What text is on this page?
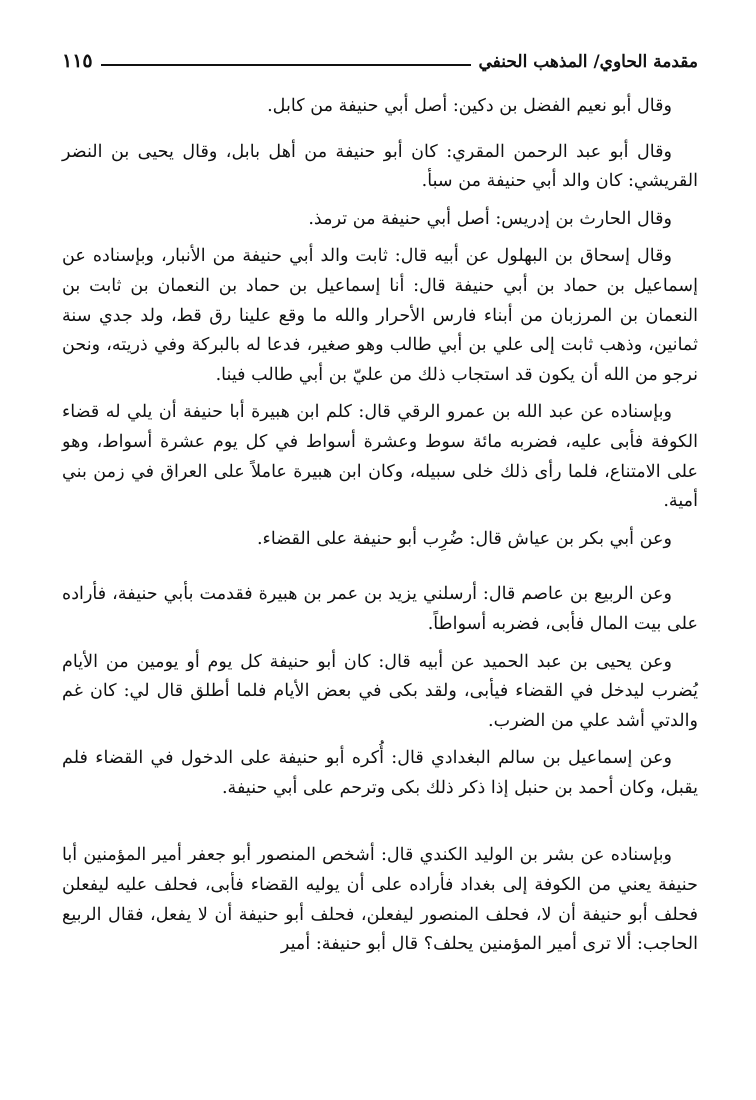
مقدمة الحاوي/ المذهب الحنفي
١١٥

وقال أبو نعيم الفضل بن دكين: أصل أبي حنيفة من كابل.

وقال أبو عبد الرحمن المقري: كان أبو حنيفة من أهل بابل، وقال يحيى بن النضر القريشي: كان والد أبي حنيفة من سبأ.

وقال الحارث بن إدريس: أصل أبي حنيفة من ترمذ.

وقال إسحاق بن البهلول عن أبيه قال: ثابت والد أبي حنيفة من الأنبار، وبإسناده عن إسماعيل بن حماد بن أبي حنيفة قال: أنا إسماعيل بن حماد بن النعمان بن ثابت بن النعمان بن المرزبان من أبناء فارس الأحرار والله ما وقع علينا رق قط، ولد جدي سنة ثمانين، وذهب ثابت إلى علي بن أبي طالب وهو صغير، فدعا له بالبركة وفي ذريته، ونحن نرجو من الله أن يكون قد استجاب ذلك من عليّ بن أبي طالب فينا.

وبإسناده عن عبد الله بن عمرو الرقي قال: كلم ابن هبيرة أبا حنيفة أن يلي له قضاء الكوفة فأبى عليه، فضربه مائة سوط وعشرة أسواط في كل يوم عشرة أسواط، وهو على الامتناع، فلما رأى ذلك خلى سبيله، وكان ابن هبيرة عاملاً على العراق في زمن بني أمية.

وعن أبي بكر بن عياش قال: ضُرِب أبو حنيفة على القضاء.

وعن الربيع بن عاصم قال: أرسلني يزيد بن عمر بن هبيرة فقدمت بأبي حنيفة، فأراده على بيت المال فأبى، فضربه أسواطاً.

وعن يحيى بن عبد الحميد عن أبيه قال: كان أبو حنيفة كل يوم أو يومين من الأيام يُضرب ليدخل في القضاء فيأبى، ولقد بكى في بعض الأيام فلما أطلق قال لي: كان غم والدتي أشد علي من الضرب.

وعن إسماعيل بن سالم البغدادي قال: أُكره أبو حنيفة على الدخول في القضاء فلم يقبل، وكان أحمد بن حنبل إذا ذكر ذلك بكى وترحم على أبي حنيفة.

وبإسناده عن بشر بن الوليد الكندي قال: أشخص المنصور أبو جعفر أمير المؤمنين أبا حنيفة يعني من الكوفة إلى بغداد فأراده على أن يوليه القضاء فأبى، فحلف عليه ليفعلن فحلف أبو حنيفة أن لا، فحلف المنصور ليفعلن، فحلف أبو حنيفة أن لا يفعل، فقال الربيع الحاجب: ألا ترى أمير المؤمنين يحلف؟ قال أبو حنيفة: أمير
